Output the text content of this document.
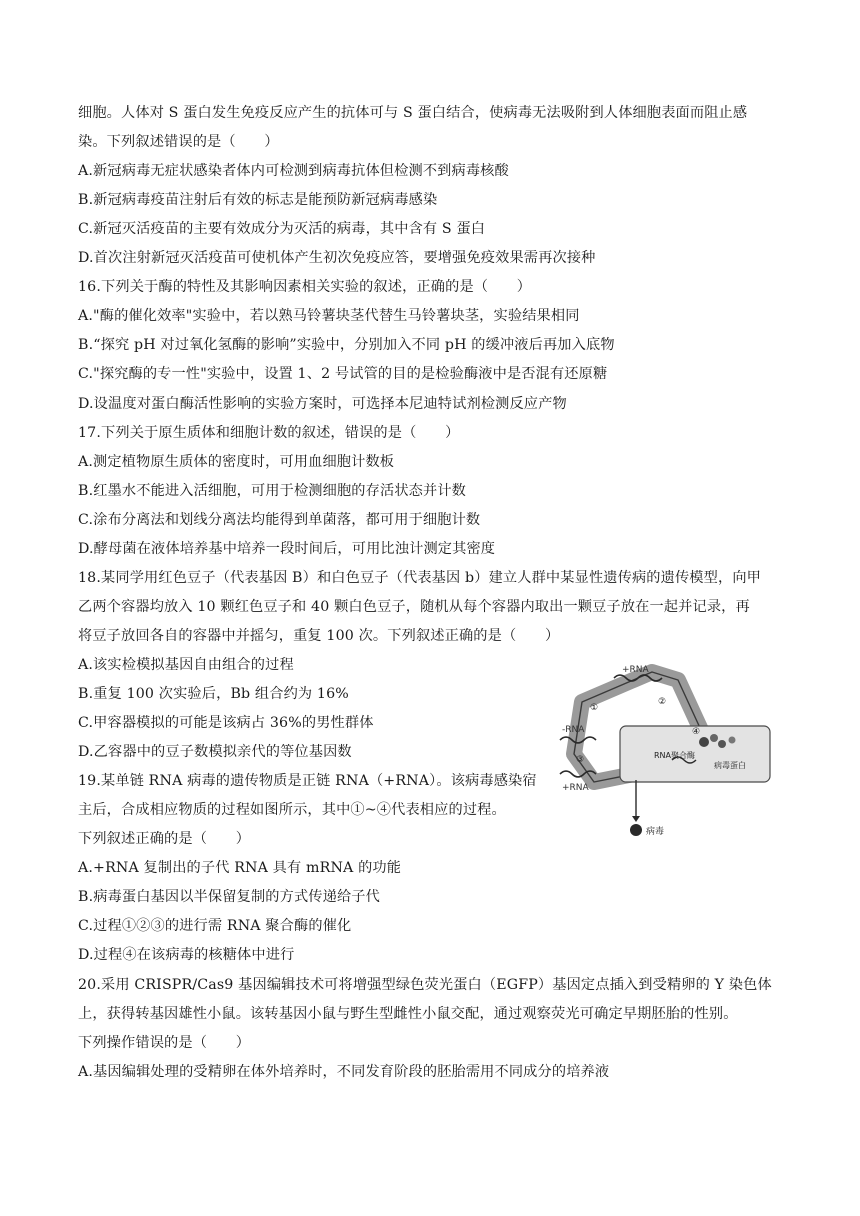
细胞。人体对 S 蛋白发生免疫反应产生的抗体可与 S 蛋白结合，使病毒无法吸附到人体细胞表面而阻止感
染。下列叙述错误的是（　　）
A.新冠病毒无症状感染者体内可检测到病毒抗体但检测不到病毒核酸
B.新冠病毒疫苗注射后有效的标志是能预防新冠病毒感染
C.新冠灭活疫苗的主要有效成分为灭活的病毒，其中含有 S 蛋白
D.首次注射新冠灭活疫苗可使机体产生初次免疫应答，要增强免疫效果需再次接种
16.下列关于酶的特性及其影响因素相关实验的叙述，正确的是（　　）
A."酶的催化效率"实验中，若以熟马铃薯块茎代替生马铃薯块茎，实验结果相同
B.“探究 pH 对过氧化氢酶的影响”实验中，分别加入不同 pH 的缓冲液后再加入底物
C."探究酶的专一性"实验中，设置 1、2 号试管的目的是检验酶液中是否混有还原糖
D.设温度对蛋白酶活性影响的实验方案时，可选择本尼迪特试剂检测反应产物
17.下列关于原生质体和细胞计数的叙述，错误的是（　　）
A.测定植物原生质体的密度时，可用血细胞计数板
B.红墨水不能进入活细胞，可用于检测细胞的存活状态并计数
C.涂布分离法和划线分离法均能得到单菌落，都可用于细胞计数
D.酵母菌在液体培养基中培养一段时间后，可用比浊计测定其密度
18.某同学用红色豆子（代表基因 B）和白色豆子（代表基因 b）建立人群中某显性遗传病的遗传模型，向甲
乙两个容器均放入 10 颗红色豆子和 40 颗白色豆子，随机从每个容器内取出一颗豆子放在一起并记录，再
将豆子放回各自的容器中并摇匀，重复 100 次。下列叙述正确的是（　　）
A.该实检模拟基因自由组合的过程
B.重复 100 次实验后，Bb 组合约为 16%
C.甲容器模拟的可能是该病占 36%的男性群体
D.乙容器中的豆子数模拟亲代的等位基因数
19.某单链 RNA 病毒的遗传物质是正链 RNA（+RNA）。该病毒感染宿
主后，合成相应物质的过程如图所示，其中①~④代表相应的过程。
下列叙述正确的是（　　）
A.+RNA 复制出的子代 RNA 具有 mRNA 的功能
B.病毒蛋白基因以半保留复制的方式传递给子代
C.过程①②③的进行需 RNA 聚合酶的催化
D.过程④在该病毒的核糖体中进行
20.采用 CRISPR/Cas9 基因编辑技术可将增强型绿色荧光蛋白（EGFP）基因定点插入到受精卵的 Y 染色体
上，获得转基因雄性小鼠。该转基因小鼠与野生型雌性小鼠交配，通过观察荧光可确定早期胚胎的性别。
下列操作错误的是（　　）
A.基因编辑处理的受精卵在体外培养时，不同发育阶段的胚胎需用不同成分的培养液
+RNA
-RNA
+RNA
RNA聚合酶
病毒蛋白
病毒
①
②
③
④
